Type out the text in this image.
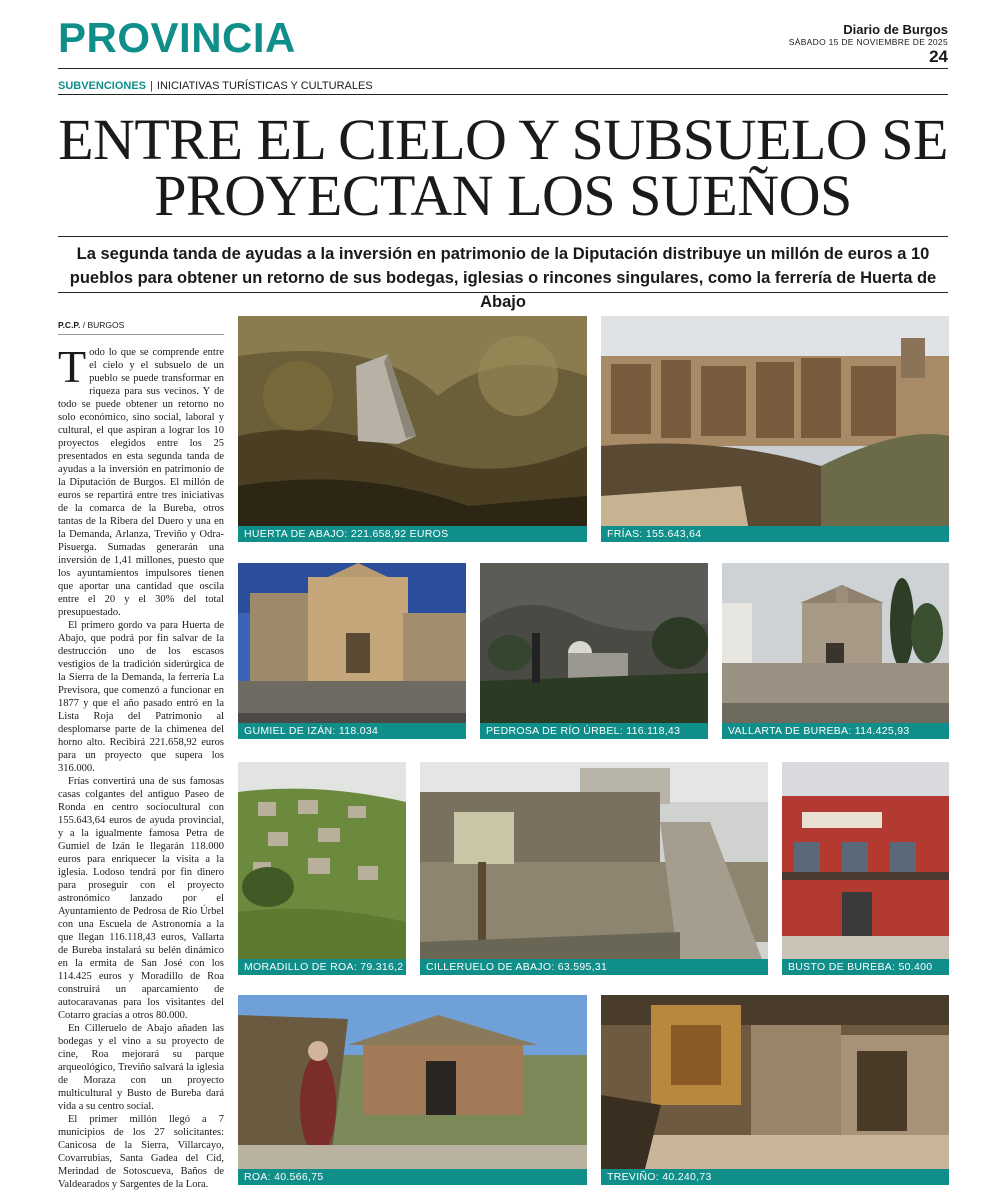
PROVINCIA	Diario de Burgos
SÁBADO 15 DE NOVIEMBRE DE 2025
24
SUBVENCIONES | INICIATIVAS TURÍSTICAS Y CULTURALES
ENTRE EL CIELO Y SUBSUELO SE PROYECTAN LOS SUEÑOS
La segunda tanda de ayudas a la inversión en patrimonio de la Diputación distribuye un millón de euros a 10 pueblos para obtener un retorno de sus bodegas, iglesias o rincones singulares, como la ferrería de Huerta de Abajo
P.C.P. / BURGOS

Todo lo que se comprende entre el cielo y el subsuelo de un pueblo se puede transformar en riqueza para sus vecinos. Y de todo se puede obtener un retorno no solo económico, sino social, laboral y cultural, el que aspiran a lograr los 10 proyectos elegidos entre los 25 presentados en esta segunda tanda de ayudas a la inversión en patrimonio de la Diputación de Burgos. El millón de euros se repartirá entre tres iniciativas de la comarca de la Bureba, otros tantas de la Ribera del Duero y una en la Demanda, Arlanza, Treviño y Odra-Pisuerga. Sumadas generarán una inversión de 1,41 millones, puesto que los ayuntamientos impulsores tienen que aportar una cantidad que oscila entre el 20 y el 30% del total presupuestado.

El primero gordo va para Huerta de Abajo, que podrá por fin salvar de la destrucción uno de los escasos vestigios de la tradición siderúrgica de la Sierra de la Demanda, la ferrería La Previsora, que comenzó a funcionar en 1877 y que el año pasado entró en la Lista Roja del Patrimonio al desplomarse parte de la chimenea del horno alto. Recibirá 221.658,92 euros para un proyecto que supera los 316.000.

Frías convertirá una de sus famosas casas colgantes del antiguo Paseo de Ronda en centro sociocultural con 155.643,64 euros de ayuda provincial, y a la igualmente famosa Petra de Gumiel de Izán le llegarán 118.000 euros para enriquecer la visita a la iglesia. Lodoso tendrá por fin dinero para proseguir con el proyecto astronómico lanzado por el Ayuntamiento de Pedrosa de Río Úrbel con una Escuela de Astronomía a la que llegan 116.118,43 euros, Vallarta de Bureba instalará su belén dinámico en la ermita de San José con los 114.425 euros y Moradillo de Roa construirá un aparcamiento de autocaravanas para los visitantes del Cotarro gracias a otros 80.000.

En Cilleruelo de Abajo añaden las bodegas y el vino a su proyecto de cine, Roa mejorará su parque arqueológico, Treviño salvará la iglesia de Moraza con un proyecto multicultural y Busto de Bureba dará vida a su centro social.

El primer millón llegó a 7 municipios de los 27 solicitantes: Canicosa de la Sierra, Villarcayo, Covarrubias, Santa Gadea del Cid, Merindad de Sotoscueva, Baños de Valdearados y Sargentes de la Lora.

HUERTA DE ABAJO: 221.658,92 EUROS	FRÍAS: 155.643,64
GUMIEL DE IZÁN: 118.034	PEDROSA DE RÍO ÚRBEL: 116.118,43	VALLARTA DE BUREBA: 114.425,93
MORADILLO DE ROA: 79.316,2	CILLERUELO DE ABAJO: 63.595,31	BUSTO DE BUREBA: 50.400
ROA: 40.566,75	TREVIÑO: 40.240,73
